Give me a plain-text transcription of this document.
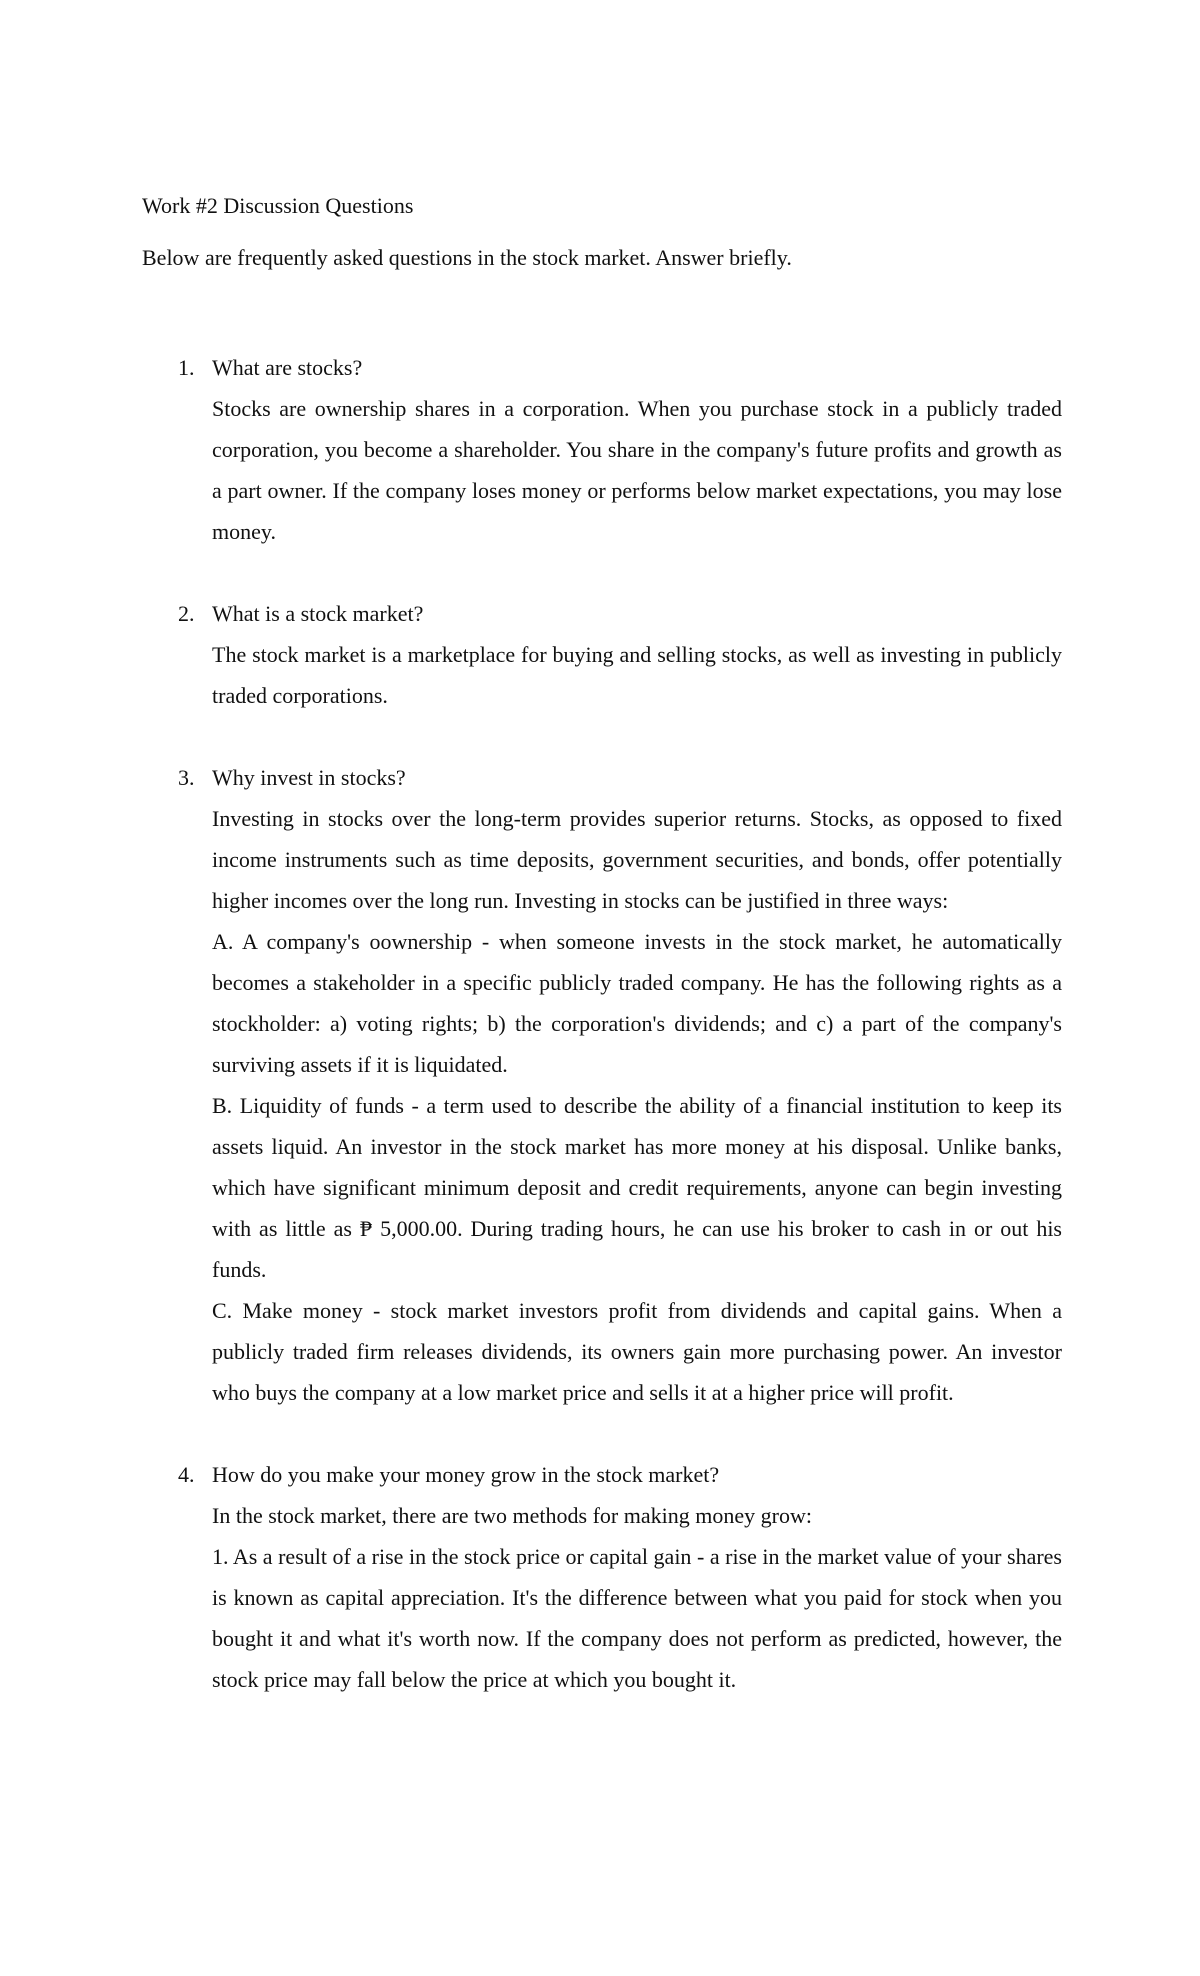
Work #2 Discussion Questions

Below are frequently asked questions in the stock market. Answer briefly.

1. What are stocks?

Stocks are ownership shares in a corporation. When you purchase stock in a publicly traded corporation, you become a shareholder. You share in the company's future profits and growth as a part owner. If the company loses money or performs below market expectations, you may lose money.

2. What is a stock market?

The stock market is a marketplace for buying and selling stocks, as well as investing in publicly traded corporations.

3. Why invest in stocks?

Investing in stocks over the long-term provides superior returns. Stocks, as opposed to fixed income instruments such as time deposits, government securities, and bonds, offer potentially higher incomes over the long run. Investing in stocks can be justified in three ways:

A. A company's oownership - when someone invests in the stock market, he automatically becomes a stakeholder in a specific publicly traded company. He has the following rights as a stockholder: a) voting rights; b) the corporation's dividends; and c) a part of the company's surviving assets if it is liquidated.

B. Liquidity of funds - a term used to describe the ability of a financial institution to keep its assets liquid. An investor in the stock market has more money at his disposal. Unlike banks, which have significant minimum deposit and credit requirements, anyone can begin investing with as little as ₱ 5,000.00. During trading hours, he can use his broker to cash in or out his funds.

C. Make money - stock market investors profit from dividends and capital gains. When a publicly traded firm releases dividends, its owners gain more purchasing power. An investor who buys the company at a low market price and sells it at a higher price will profit.

4. How do you make your money grow in the stock market?

In the stock market, there are two methods for making money grow:

1. As a result of a rise in the stock price or capital gain - a rise in the market value of your shares is known as capital appreciation. It's the difference between what you paid for stock when you bought it and what it's worth now. If the company does not perform as predicted, however, the stock price may fall below the price at which you bought it.
